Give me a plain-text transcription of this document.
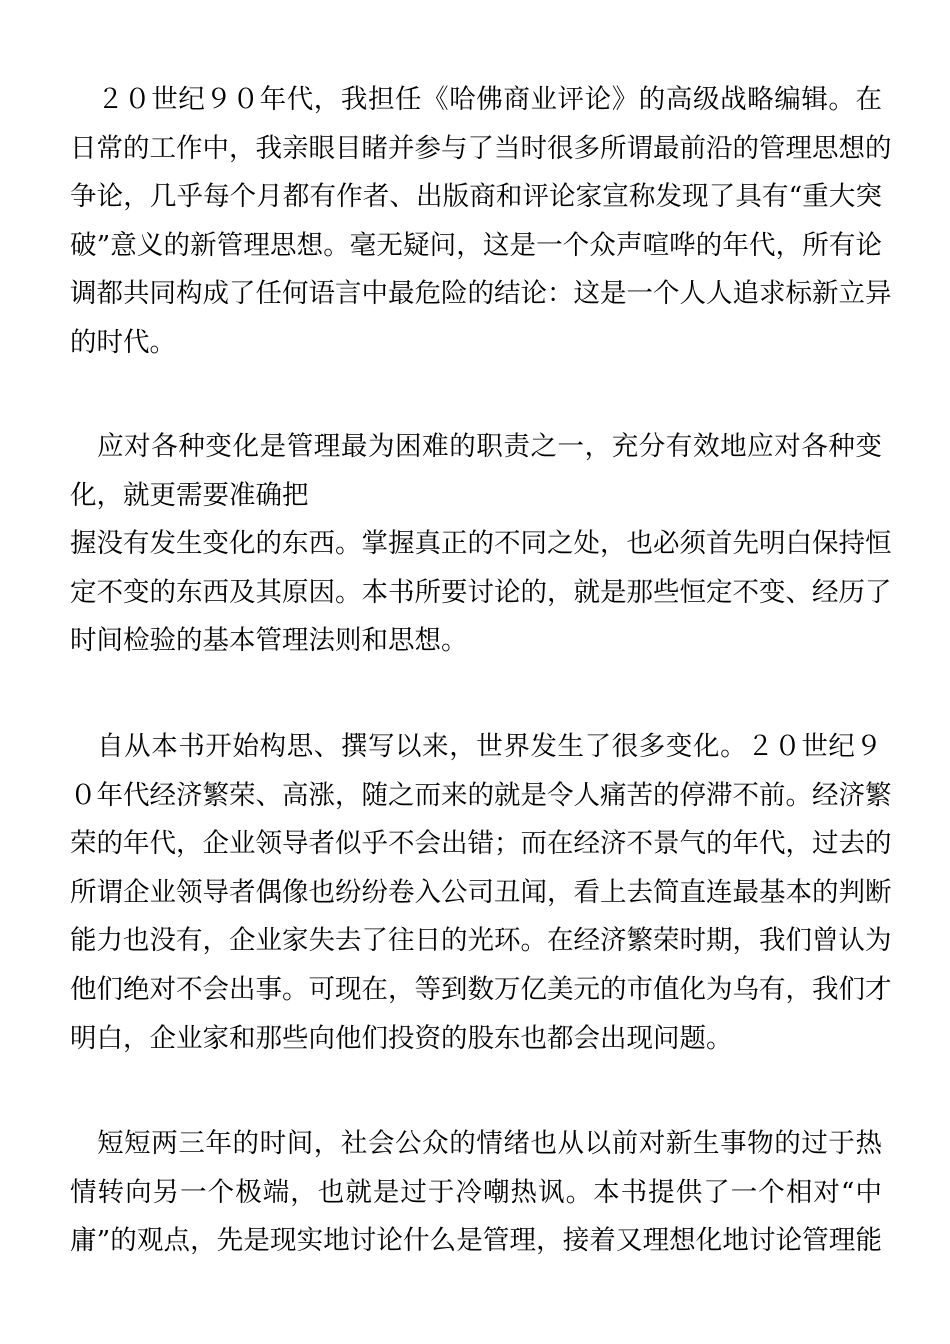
　２０世纪９０年代，我担任《哈佛商业评论》的高级战略编辑。在
日常的工作中，我亲眼目睹并参与了当时很多所谓最前沿的管理思想的
争论，几乎每个月都有作者、出版商和评论家宣称发现了具有“重大突
破”意义的新管理思想。毫无疑问，这是一个众声喧哗的年代，所有论
调都共同构成了任何语言中最危险的结论：这是一个人人追求标新立异
的时代。
　应对各种变化是管理最为困难的职责之一，充分有效地应对各种变
化，就更需要准确把
握没有发生变化的东西。掌握真正的不同之处，也必须首先明白保持恒
定不变的东西及其原因。本书所要讨论的，就是那些恒定不变、经历了
时间检验的基本管理法则和思想。
　自从本书开始构思、撰写以来，世界发生了很多变化。２０世纪９
０年代经济繁荣、高涨，随之而来的就是令人痛苦的停滞不前。经济繁
荣的年代，企业领导者似乎不会出错；而在经济不景气的年代，过去的
所谓企业领导者偶像也纷纷卷入公司丑闻，看上去简直连最基本的判断
能力也没有，企业家失去了往日的光环。在经济繁荣时期，我们曾认为
他们绝对不会出事。可现在，等到数万亿美元的市值化为乌有，我们才
明白，企业家和那些向他们投资的股东也都会出现问题。
　短短两三年的时间，社会公众的情绪也从以前对新生事物的过于热
情转向另一个极端，也就是过于冷嘲热讽。本书提供了一个相对“中
庸”的观点，先是现实地讨论什么是管理，接着又理想化地讨论管理能
